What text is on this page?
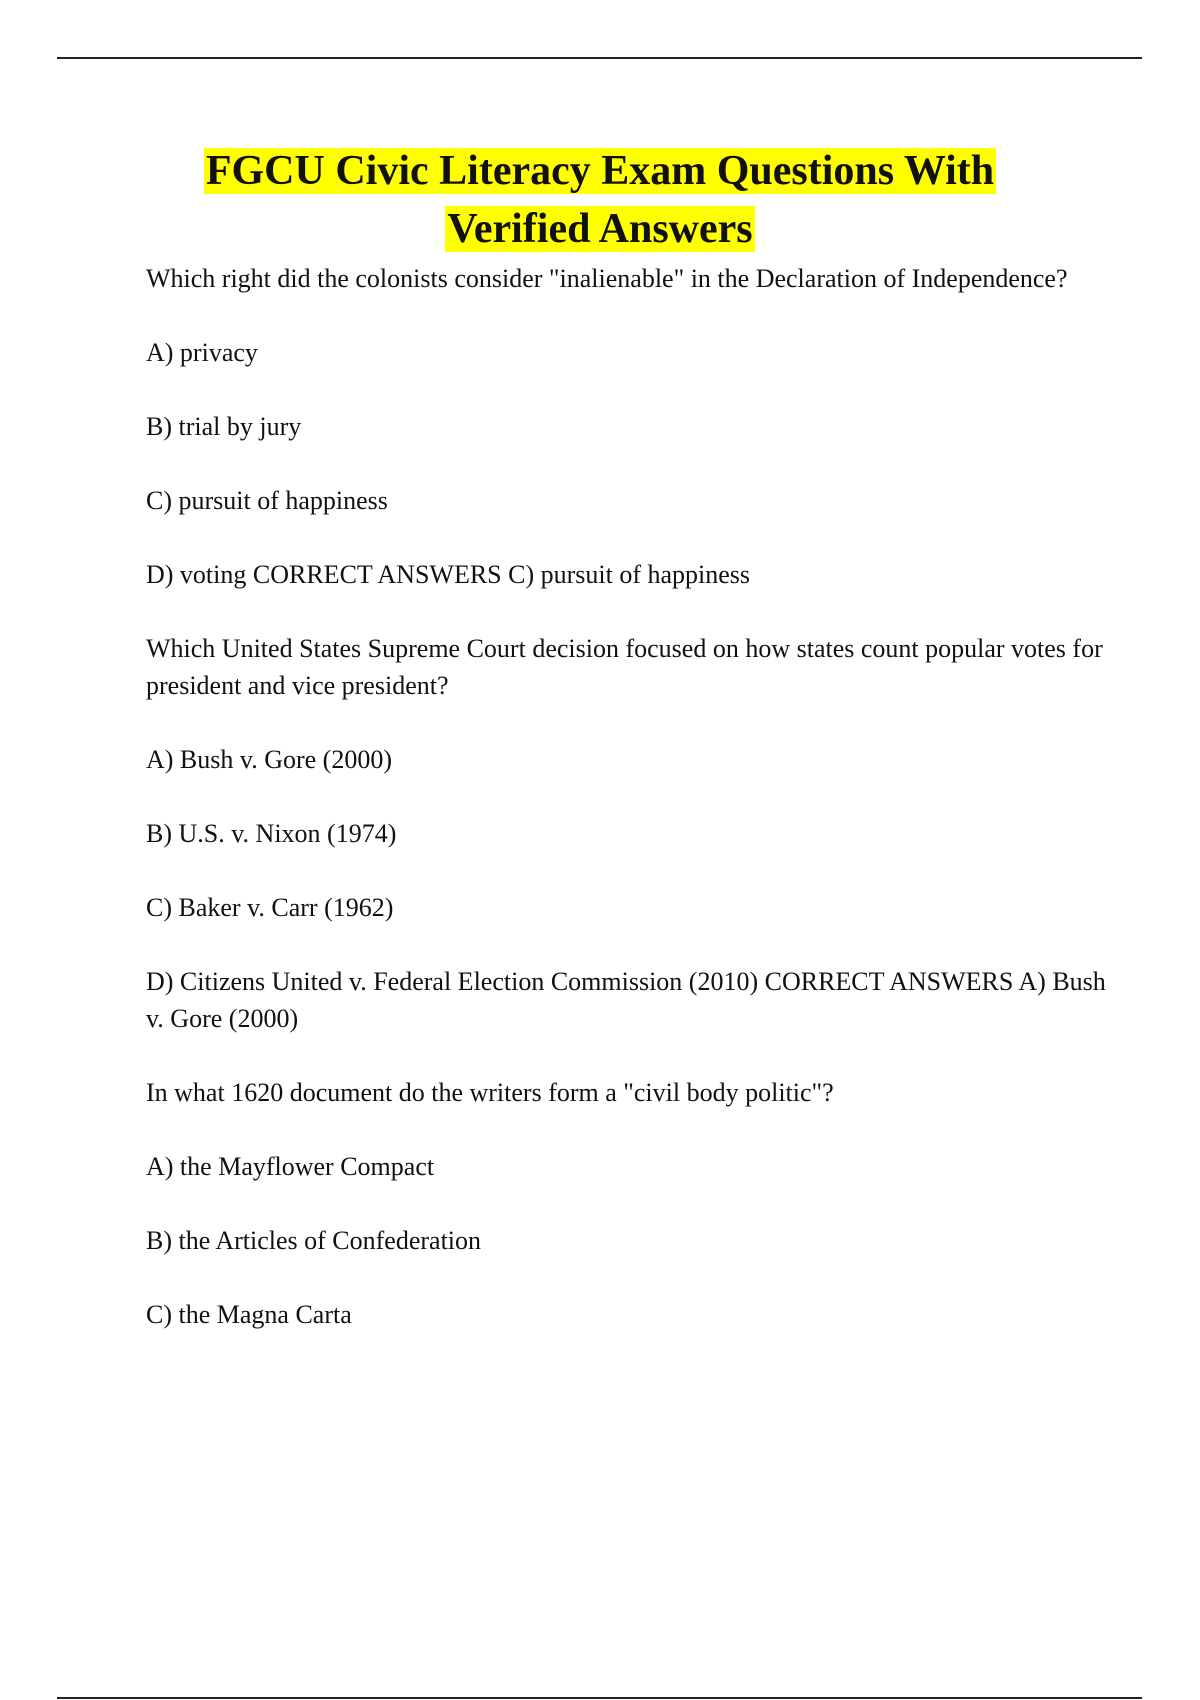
FGCU Civic Literacy Exam Questions With
Verified Answers

Which right did the colonists consider "inalienable" in the Declaration of Independence?

A) privacy

B) trial by jury

C) pursuit of happiness

D) voting CORRECT ANSWERS C) pursuit of happiness

Which United States Supreme Court decision focused on how states count popular votes for president and vice president?

A) Bush v. Gore (2000)

B) U.S. v. Nixon (1974)

C) Baker v. Carr (1962)

D) Citizens United v. Federal Election Commission (2010) CORRECT ANSWERS A) Bush v. Gore (2000)

In what 1620 document do the writers form a "civil body politic"?

A) the Mayflower Compact

B) the Articles of Confederation

C) the Magna Carta
